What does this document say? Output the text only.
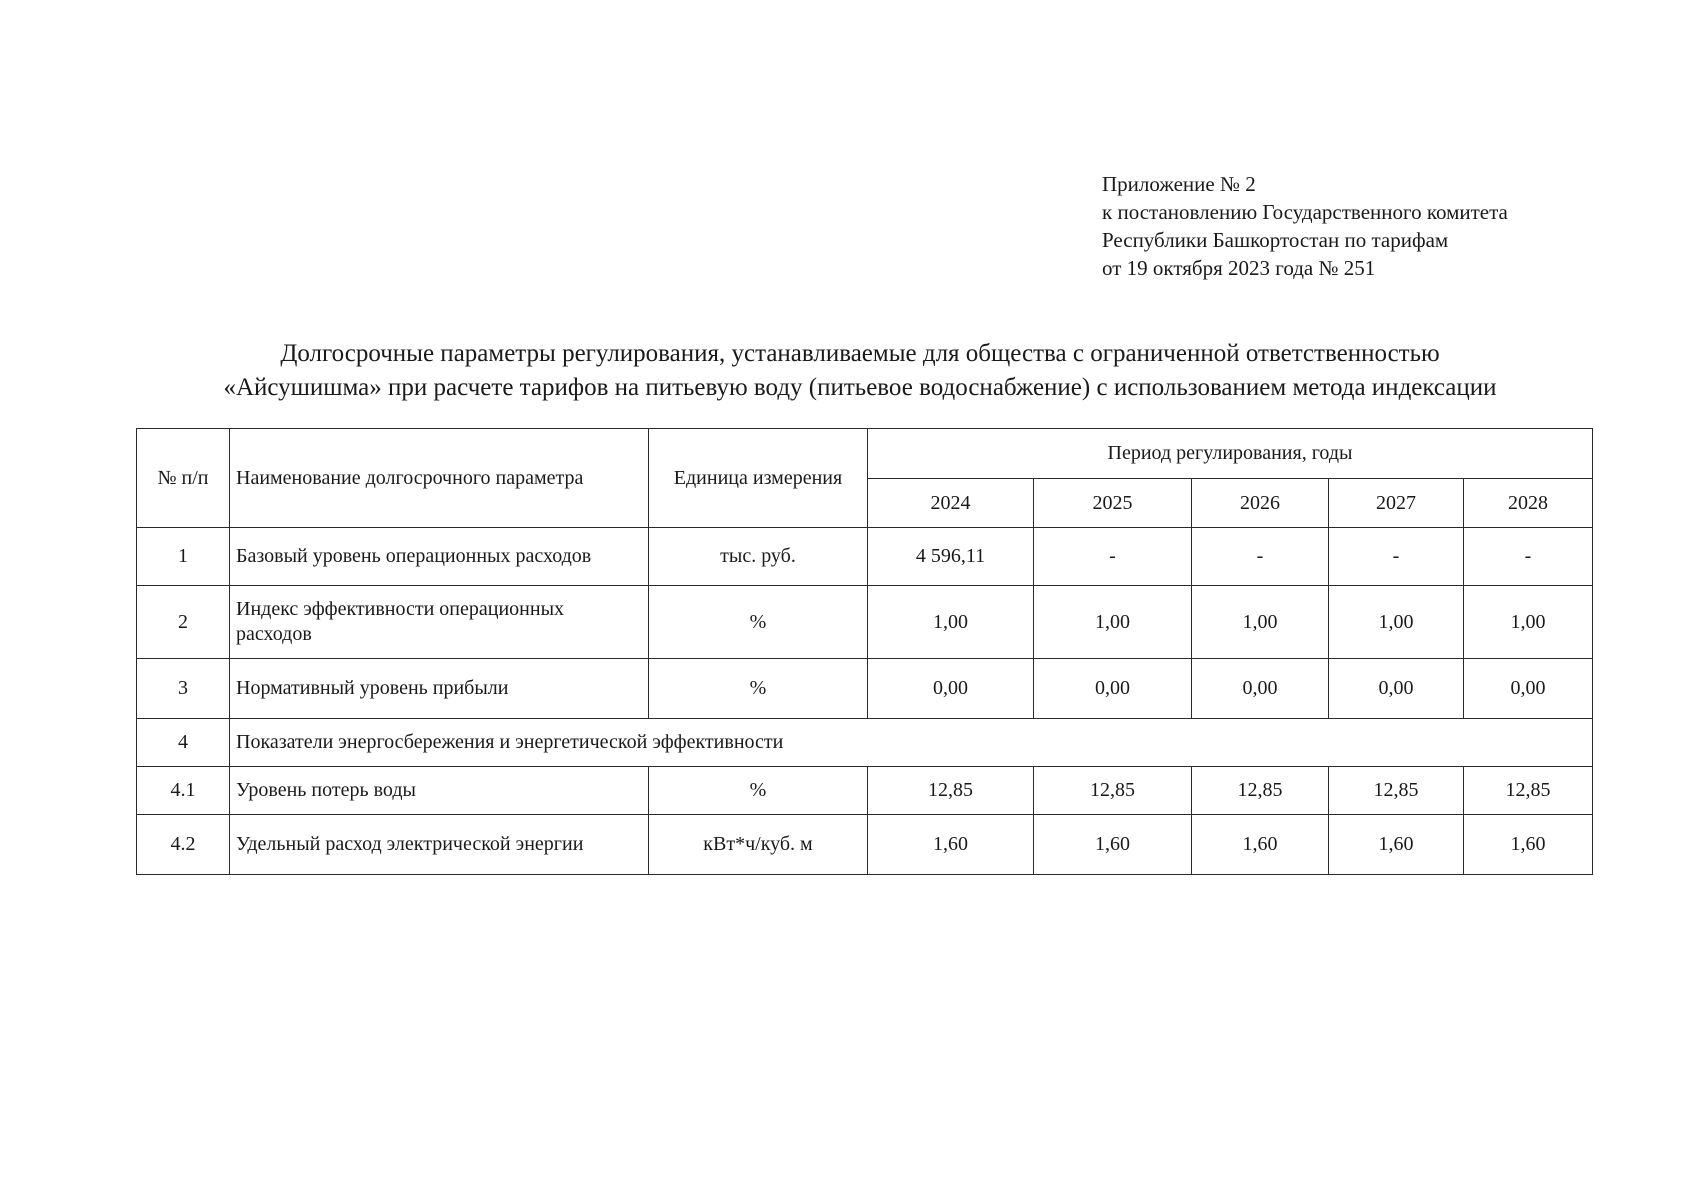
Приложение № 2
к постановлению Государственного комитета
Республики Башкортостан по тарифам
от 19 октября 2023 года № 251
Долгосрочные параметры регулирования, устанавливаемые для общества с ограниченной ответственностью
«Айсушишма» при расчете тарифов на питьевую воду (питьевое водоснабжение) с использованием метода индексации
№ п/п	Наименование долгосрочного параметра	Единица измерения	Период регулирования, годы				
			2024	2025	2026	2027	2028
1	Базовый уровень операционных расходов	тыс. руб.	4 596,11	-	-	-	-
2	Индекс эффективности операционных расходов	%	1,00	1,00	1,00	1,00	1,00
3	Нормативный уровень прибыли	%	0,00	0,00	0,00	0,00	0,00
4	Показатели энергосбережения и энергетической эффективности						
4.1	Уровень потерь воды	%	12,85	12,85	12,85	12,85	12,85
4.2	Удельный расход электрической энергии	кВт*ч/куб. м	1,60	1,60	1,60	1,60	1,60
